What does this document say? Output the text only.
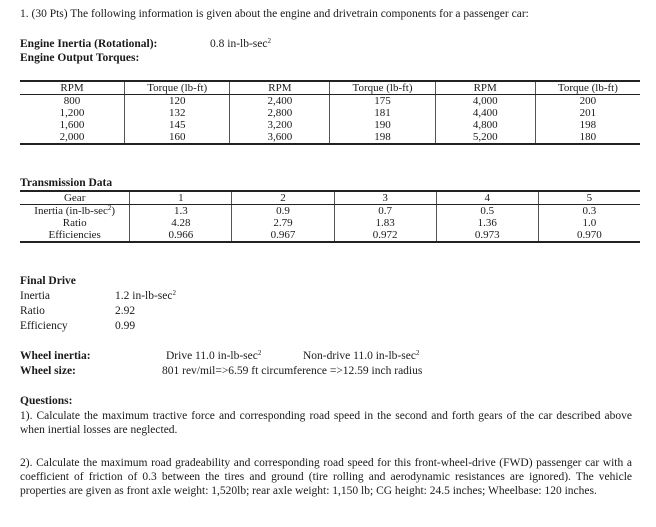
1. (30 Pts) The following information is given about the engine and drivetrain components for a passenger car:
Engine Inertia (Rotational):	0.8 $in-lb-\sec^2$
Engine Output Torques:
RPM	Torque (lb-ft)	RPM	Torque (lb-ft)	RPM	Torque (lb-ft)
800	120	2,400	175	4,000	200
1,200	132	2,800	181	4,400	201
1,600	145	3,200	190	4,800	198
2,000	160	3,600	198	5,200	180
Transmission Data
Gear	1	2	3	4	5
Inertia $(in-lb-\sec^2)$	1.3	0.9	0.7	0.5	0.3
Ratio	4.28	2.79	1.83	1.36	1.0
Efficiencies	0.966	0.967	0.972	0.973	0.970
Final Drive
Inertia	1.2 $in-lb-\sec^2$
Ratio	2.92
Efficiency	0.99
Wheel inertia:	Drive 11.0 $in-lb-\sec^2$	Non-drive 11.0 $in-lb-\sec^2$
Wheel size:	801 rev/mil=>6.59 ft circumference =>12.59 inch radius
Questions:
1). Calculate the maximum tractive force and corresponding road speed in the second and forth gears of the car described above when inertial losses are neglected.
2). Calculate the maximum road gradeability and corresponding road speed for this front-wheel-drive (FWD) passenger car with a coefficient of friction of 0.3 between the tires and ground (tire rolling and aerodynamic resistances are ignored). The vehicle properties are given as front axle weight: 1,520lb; rear axle weight: 1,150 lb; CG height: 24.5 inches; Wheelbase: 120 inches.
